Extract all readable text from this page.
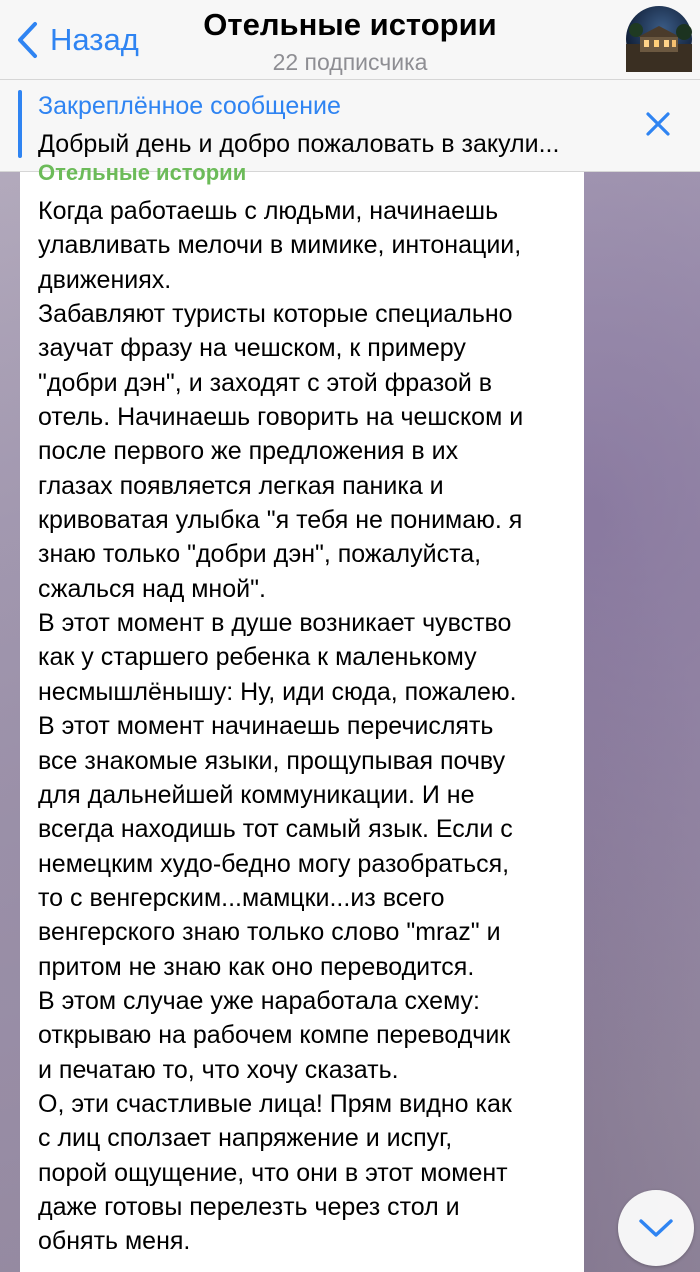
Назад	Отельные истории
22 подписчика
Закреплённое сообщение
Добрый день и добро пожаловать в закули...
Отельные истории
Когда работаешь с людьми, начинаешь
улавливать мелочи в мимике, интонации,
движениях.
Забавляют туристы которые специально
заучат фразу на чешском, к примеру
"добри дэн", и заходят с этой фразой в
отель. Начинаешь говорить на чешском и
после первого же предложения в их
глазах появляется легкая паника и
кривоватая улыбка "я тебя не понимаю. я
знаю только "добри дэн", пожалуйста,
сжалься над мной".
В этот момент в душе возникает чувство
как у старшего ребенка к маленькому
несмышлёнышу: Ну, иди сюда, пожалею.
В этот момент начинаешь перечислять
все знакомые языки, прощупывая почву
для дальнейшей коммуникации. И не
всегда находишь тот самый язык. Если с
немецким худо-бедно могу разобраться,
то с венгерским...мамцки...из всего
венгерского знаю только слово "mraz" и
притом не знаю как оно переводится.
В этом случае уже наработала схему:
открываю на рабочем компе переводчик
и печатаю то, что хочу сказать.
О, эти счастливые лица! Прям видно как
с лиц сползает напряжение и испуг,
порой ощущение, что они в этот момент
даже готовы перелезть через стол и
обнять меня.
